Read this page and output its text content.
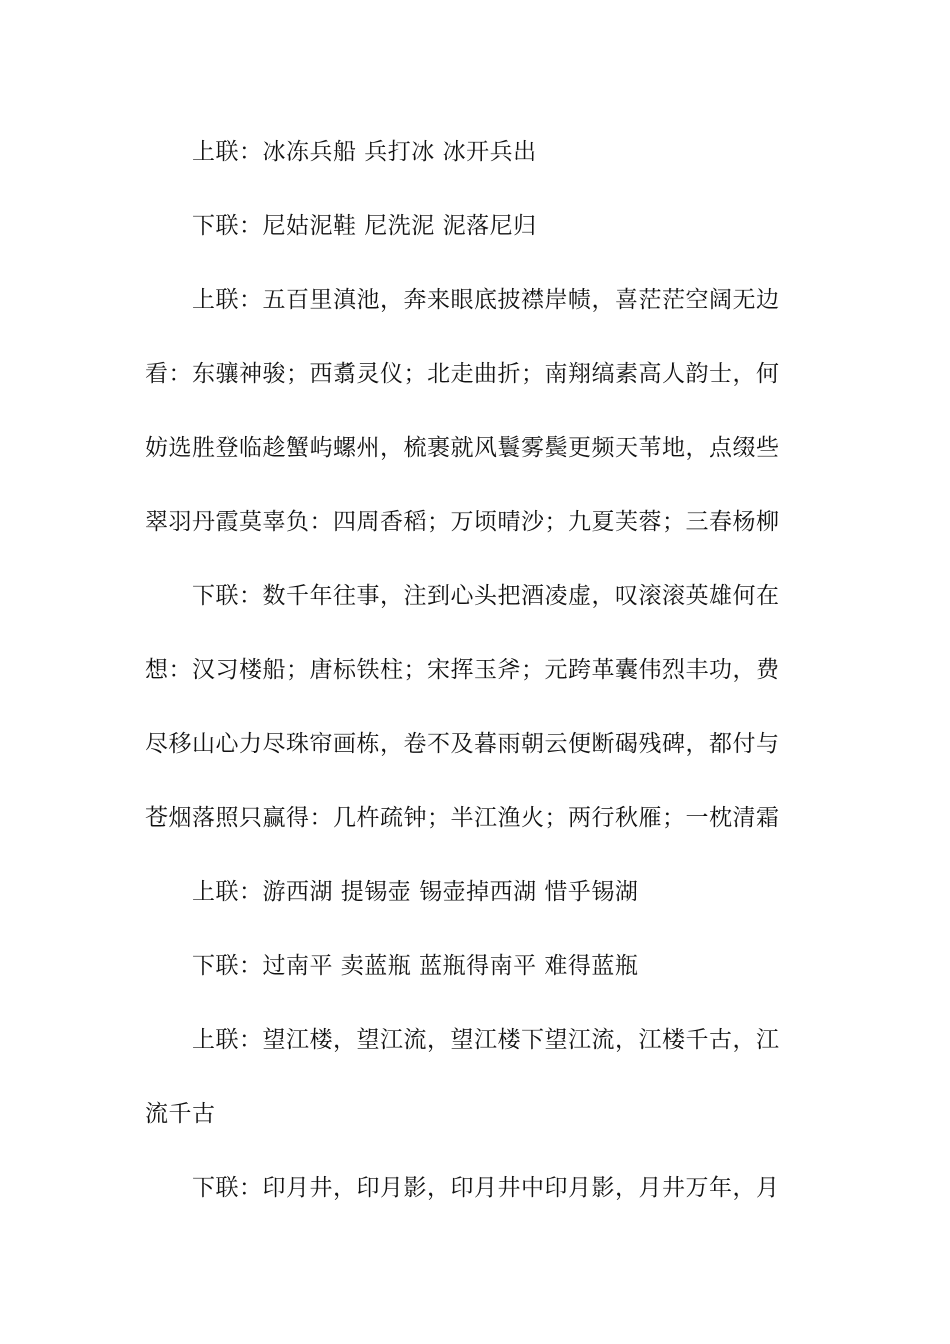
上联：冰冻兵船 兵打冰 冰开兵出
下联：尼姑泥鞋 尼洗泥 泥落尼归
上联：五百里滇池，奔来眼底披襟岸帻，喜茫茫空阔无边
看：东骧神骏；西翥灵仪；北走曲折；南翔缟素高人韵士，何
妨选胜登临趁蟹屿螺州，梳裹就风鬟雾鬓更频天苇地，点缀些
翠羽丹霞莫辜负：四周香稻；万顷晴沙；九夏芙蓉；三春杨柳
下联：数千年往事，注到心头把酒凌虚，叹滚滚英雄何在
想：汉习楼船；唐标铁柱；宋挥玉斧；元跨革囊伟烈丰功，费
尽移山心力尽珠帘画栋，卷不及暮雨朝云便断碣残碑，都付与
苍烟落照只赢得：几杵疏钟；半江渔火；两行秋雁；一枕清霜
上联：游西湖 提锡壶 锡壶掉西湖 惜乎锡湖
下联：过南平 卖蓝瓶 蓝瓶得南平 难得蓝瓶
上联：望江楼，望江流，望江楼下望江流，江楼千古，江
流千古
下联：印月井，印月影，印月井中印月影，月井万年，月
